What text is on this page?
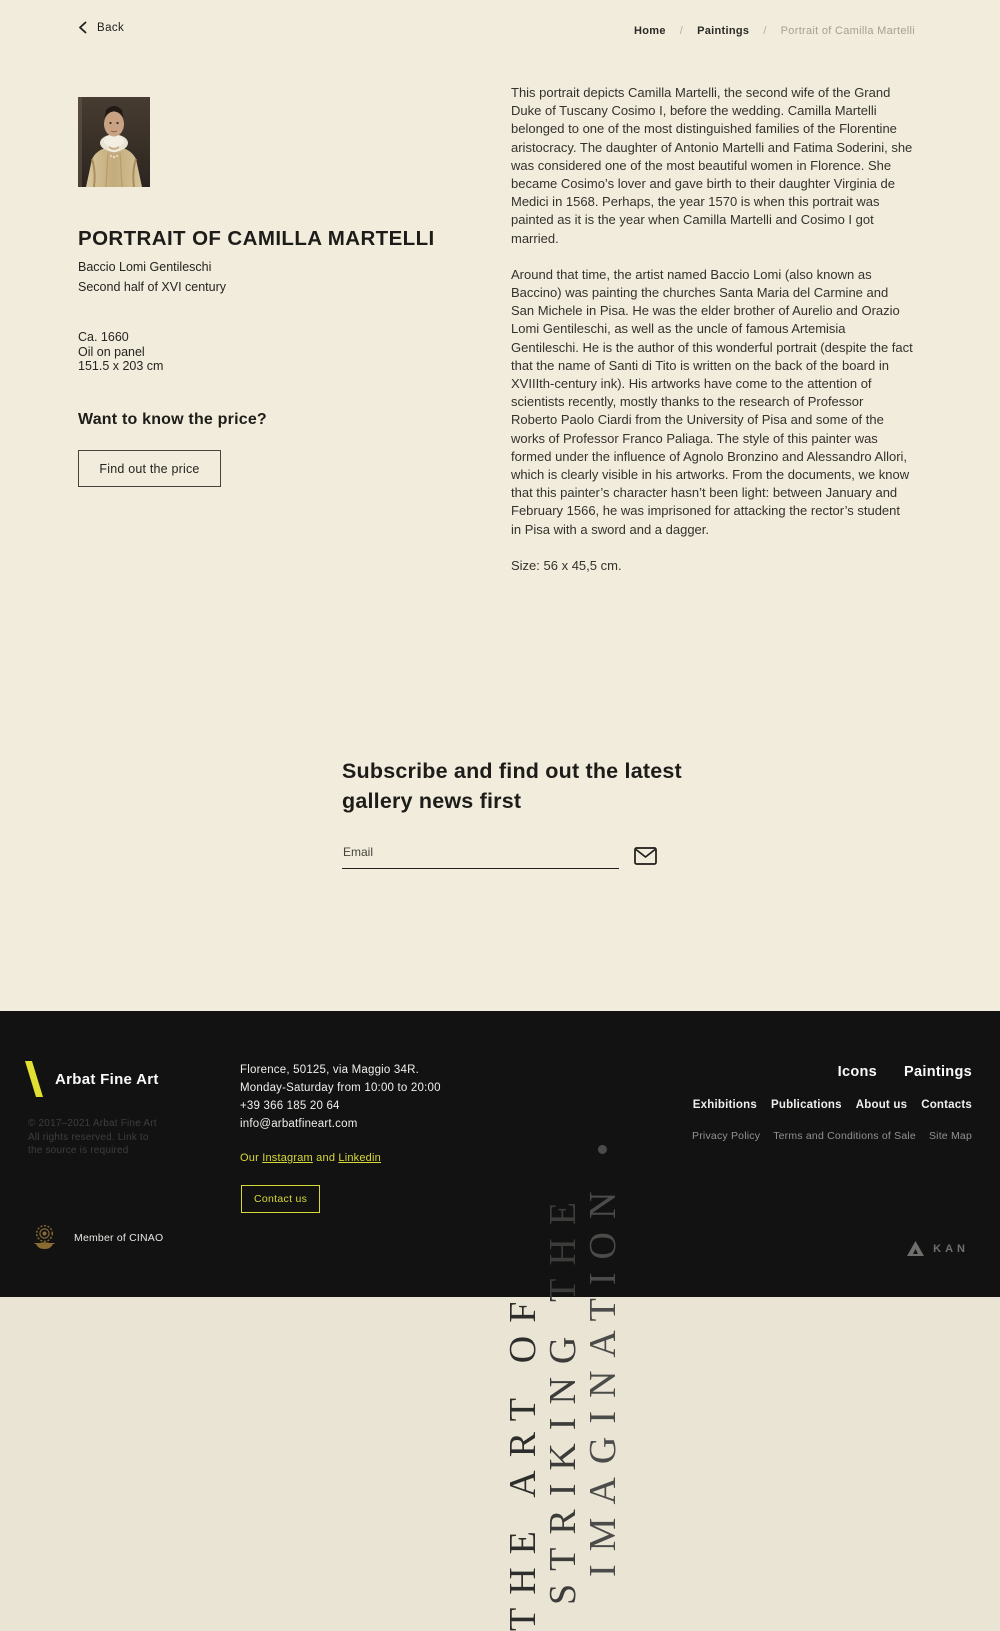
Back	Home / Paintings / Portrait of Camilla Martelli
PORTRAIT OF CAMILLA MARTELLI
Baccio Lomi Gentileschi
Second half of XVI century
Ca. 1660
Oil on panel
151.5 x 203 cm
Want to know the price?
Find out the price

This portrait depicts Camilla Martelli, the second wife of the Grand Duke of Tuscany Cosimo I, before the wedding. Camilla Martelli belonged to one of the most distinguished families of the Florentine aristocracy. The daughter of Antonio Martelli and Fatima Soderini, she was considered one of the most beautiful women in Florence. She became Cosimo’s lover and gave birth to their daughter Virginia de Medici in 1568. Perhaps, the year 1570 is when this portrait was painted as it is the year when Camilla Martelli and Cosimo I got married.

Around that time, the artist named Baccio Lomi (also known as Baccino) was painting the churches Santa Maria del Carmine and San Michele in Pisa. He was the elder brother of Aurelio and Orazio Lomi Gentileschi, as well as the uncle of famous Artemisia Gentileschi. He is the author of this wonderful portrait (despite the fact that the name of Santi di Tito is written on the back of the board in XVIIIth-century ink). His artworks have come to the attention of scientists recently, mostly thanks to the research of Professor Roberto Paolo Ciardi from the University of Pisa and some of the works of Professor Franco Paliaga. The style of this painter was formed under the influence of Agnolo Bronzino and Alessandro Allori, which is clearly visible in his artworks. From the documents, we know that this painter’s character hasn’t been light: between January and February 1566, he was imprisoned for attacking the rector’s student in Pisa with a sword and a dagger.

Size: 56 x 45,5 cm.
Subscribe and find out the latest
gallery news first
Email
Arbat Fine Art
© 2017–2021 Arbat Fine Art
All rights reserved. Link to
the source is required

Florence, 50125, via Maggio 34R.

Monday-Saturday from 10:00 to 20:00

+39 366 185 20 64

info@arbatfineart.com

Our Instagram and Linkedin
Contact us
Member of CINAO
THE ART OF
STRIKING THE
IMAGINATION •
Icons Paintings
Exhibitions Publications About us Contacts
Privacy Policy Terms and Conditions of Sale Site Map
KAN
